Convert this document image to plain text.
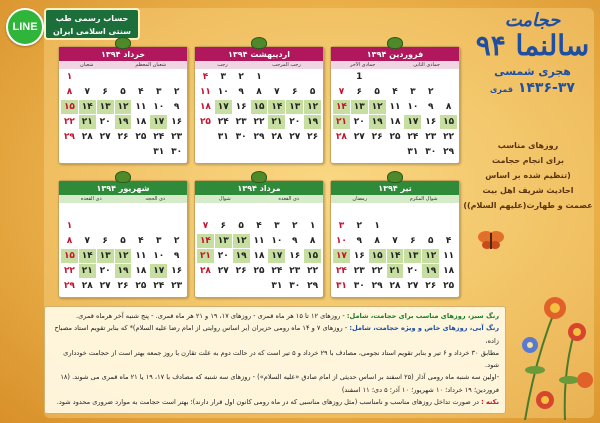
LINE
حساب رسمی طب
سنتی اسلامی ایران
حجامت
سالنما ۹۴
هجری شمسی
۱۴۳۶-۳۷ قمری
روزهای مناسب
برای انجام حجامت
(تنظیم شده بر اساس
احادیث شریف اهل بیت
عصمت و طهارت(علیهم السلام))
فروردین ۱۳۹۴
جمادی الثانی
جمادی الآخر
1
۲
۳
۴
۵
۶
۷
۸
۹
۱۰
۱۱
۱۲
۱۳
۱۴
۱۵
۱۶
۱۷
۱۸
۱۹
۲۰
۲۱
۲۲
۲۳
۲۴
۲۵
۲۶
۲۷
۲۸
۲۹
۳۰
۳۱
اردیبهشت ۱۳۹۴
رجب المرجب
رجب
۱
۲
۳
۴
۵
۶
۷
۸
۹
۱۰
۱۱
۱۲
۱۳
۱۴
۱۵
۱۶
۱۷
۱۸
۱۹
۲۰
۲۱
۲۲
۲۳
۲۴
۲۵
۲۶
۲۷
۲۸
۲۹
۳۰
۳۱
خرداد ۱۳۹۴
شعبان المعظم
شعبان
۱
۲
۳
۴
۵
۶
۷
۸
۹
۱۰
۱۱
۱۲
۱۳
۱۴
۱۵
۱۶
۱۷
۱۸
۱۹
۲۰
۲۱
۲۲
۲۳
۲۴
۲۵
۲۶
۲۷
۲۸
۲۹
۳۰
۳۱
تیر ۱۳۹۴
شوال المکرم
رمضان
۱
۲
۳
۴
۵
۶
۷
۸
۹
۱۰
۱۱
۱۲
۱۳
۱۴
۱۵
۱۶
۱۷
۱۸
۱۹
۲۰
۲۱
۲۲
۲۳
۲۴
۲۵
۲۶
۲۷
۲۸
۲۹
۳۰
۳۱
مرداد ۱۳۹۴
ذی القعده
شوال
۱
۲
۳
۴
۵
۶
۷
۸
۹
۱۰
۱۱
۱۲
۱۳
۱۴
۱۵
۱۶
۱۷
۱۸
۱۹
۲۰
۲۱
۲۲
۲۳
۲۴
۲۵
۲۶
۲۷
۲۸
۲۹
۳۰
۳۱
شهریور ۱۳۹۴
ذی الحجه
ذی القعده
۱
۲
۳
۴
۵
۶
۷
۸
۹
۱۰
۱۱
۱۲
۱۳
۱۴
۱۵
۱۶
۱۷
۱۸
۱۹
۲۰
۲۱
۲۲
۲۳
۲۴
۲۵
۲۶
۲۷
۲۸
۲۹
رنگ سبز، روزهای مناسب برای حجامت، شامل: - روزهای ۱۲ تا ۱۵ هر ماه قمری - روزهای ۱۷، ۱۹ و ۲۱ هر ماه قمری. - پنج شنبه آخر هرماه قمری.
رنگ آبی، روزهای خاص و ویژه حجامت، شامل: - روزهای ۷ و ۱۴ ماه رومی حزیران (بر اساس روایتی از امام رضا علیه السلام)* که بنابر تقویم استاد مصباح زاده،
مطابق ۳۰ خرداد و ۶ تیر و بنابر تقویم استاد نجومی، مصادف با ۲۹ خرداد و ۵ تیر است که در حالت دوم به علت تقارن با روز جمعه بهتر است از حجامت خودداری شود.
-اولین سه شنبه ماه رومی آذار (۲۵ اسفند بر اساس حدیثی از امام صادق «علیه السلام») - روزهای سه شنبه که مصادف با ۱۷، ۱۹ یا ۲۱ ماه قمری می شوند. (۱۸
فروردین؛ ۱۹ خرداد؛ ۱۰ شهریور؛ ۱۰ آذر؛ ۵ دی؛ ۱۱ اسفند)
نکته : در صورت تداخل روزهای مناسب و نامناسب (مثل روزهای مناسبی که در ماه رومی کانون اول قرار دارند)؛ بهتر است حجامت به موارد ضروری محدود شود.
